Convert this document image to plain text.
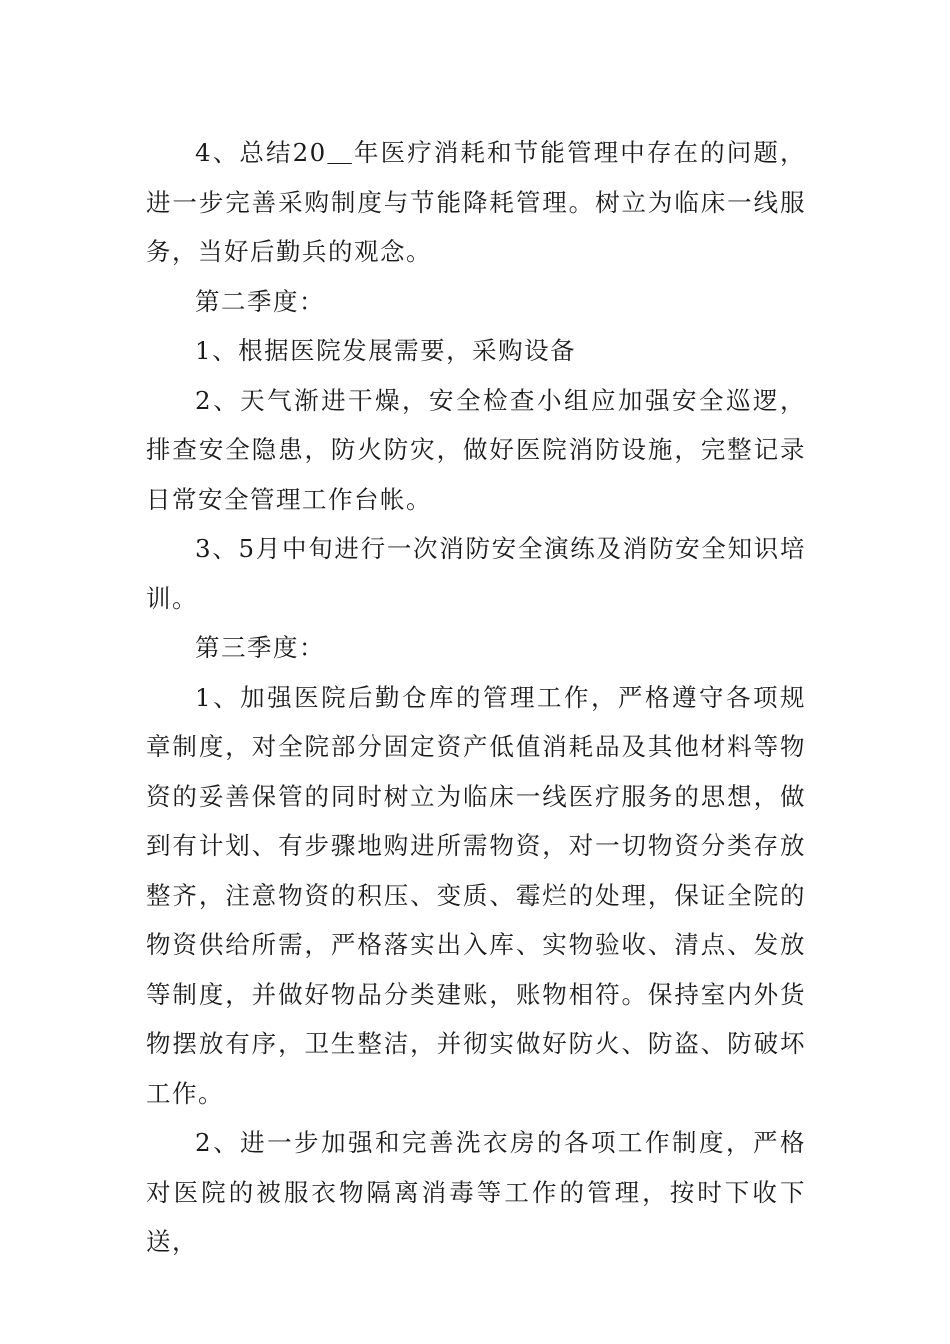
4、总结20＿年医疗消耗和节能管理中存在的问题，进一步完善采购制度与节能降耗管理。树立为临床一线服务，当好后勤兵的观念。

第二季度：

1、根据医院发展需要，采购设备

2、天气渐进干燥，安全检查小组应加强安全巡逻，排查安全隐患，防火防灾，做好医院消防设施，完整记录日常安全管理工作台帐。

3、5月中旬进行一次消防安全演练及消防安全知识培训。

第三季度：

1、加强医院后勤仓库的管理工作，严格遵守各项规章制度，对全院部分固定资产低值消耗品及其他材料等物资的妥善保管的同时树立为临床一线医疗服务的思想，做到有计划、有步骤地购进所需物资，对一切物资分类存放整齐，注意物资的积压、变质、霉烂的处理，保证全院的物资供给所需，严格落实出入库、实物验收、清点、发放等制度，并做好物品分类建账，账物相符。保持室内外货物摆放有序，卫生整洁，并彻实做好防火、防盗、防破坏工作。

2、进一步加强和完善洗衣房的各项工作制度，严格对医院的被服衣物隔离消毒等工作的管理，按时下收下送，
